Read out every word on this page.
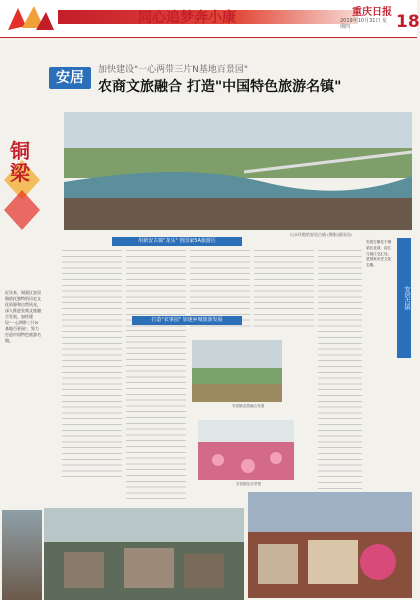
同心追梦奔小康	重庆日报
2019年10月31日 星期四	18
近年来，铜梁区安居镇依托独特的历史文化资源和自然风光，深入推进农商文旅融合发展，加快建设"一心两带三片N基地百景园"，努力打造中国特色旅游名镇。
铜梁
安居	加快建设"一心两带三片N基地百景园"
农商文旅融合 打造"中国特色旅游名镇"
山水环抱的安居古镇 (摄影/通讯员)
用新安古镇"龙头" 创国家5A旅游区
安居古镇
安居古镇位于铜梁区北部，涪江与琼江交汇处，是国家历史文化名镇。
打造"农事园" 加速乡城旅游发展
安居镇农旅融合发展
安居镇花卉景观
